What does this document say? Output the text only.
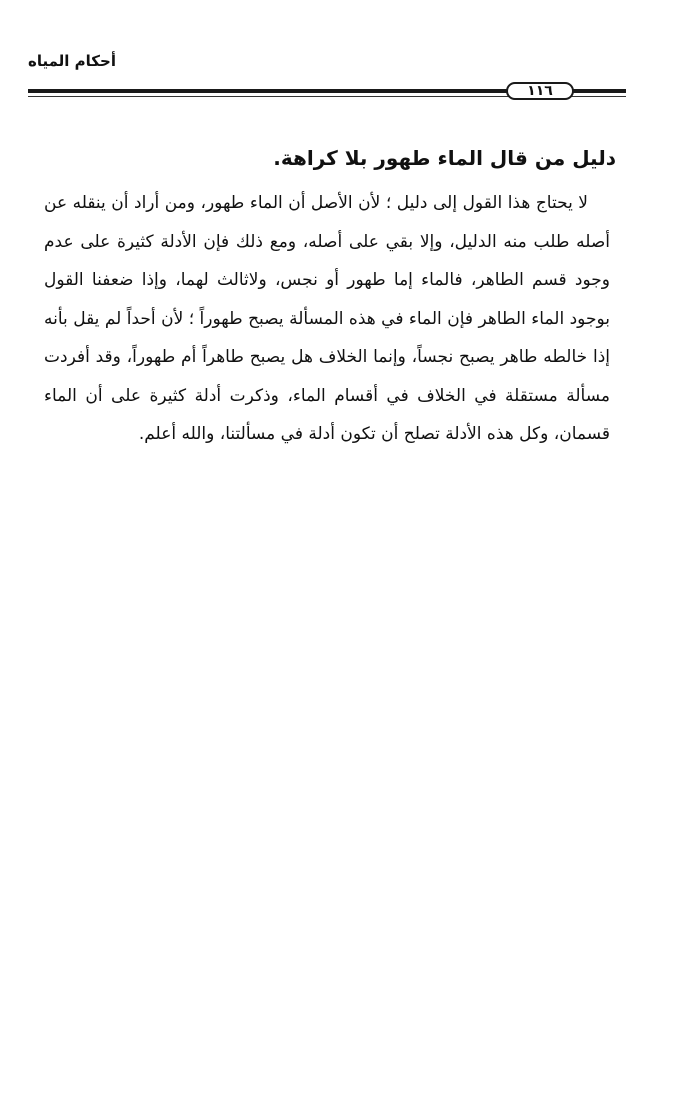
أحكام المياه
١١٦
دليل من قال الماء طهور بلا كراهة.

لا يحتاج هذا القول إلى دليل ؛ لأن الأصل أن الماء طهور، ومن أراد أن ينقله عن أصله طلب منه الدليل، وإلا بقي على أصله، ومع ذلك فإن الأدلة كثيرة على عدم وجود قسم الطاهر، فالماء إما طهور أو نجس، ولاثالث لهما، وإذا ضعفنا القول بوجود الماء الطاهر فإن الماء في هذه المسألة يصبح طهوراً ؛ لأن أحداً لم يقل بأنه إذا خالطه طاهر يصبح نجساً، وإنما الخلاف هل يصبح طاهراً أم طهوراً، وقد أفردت مسألة مستقلة في الخلاف في أقسام الماء، وذكرت أدلة كثيرة على أن الماء قسمان، وكل هذه الأدلة تصلح أن تكون أدلة في مسألتنا، والله أعلم.
